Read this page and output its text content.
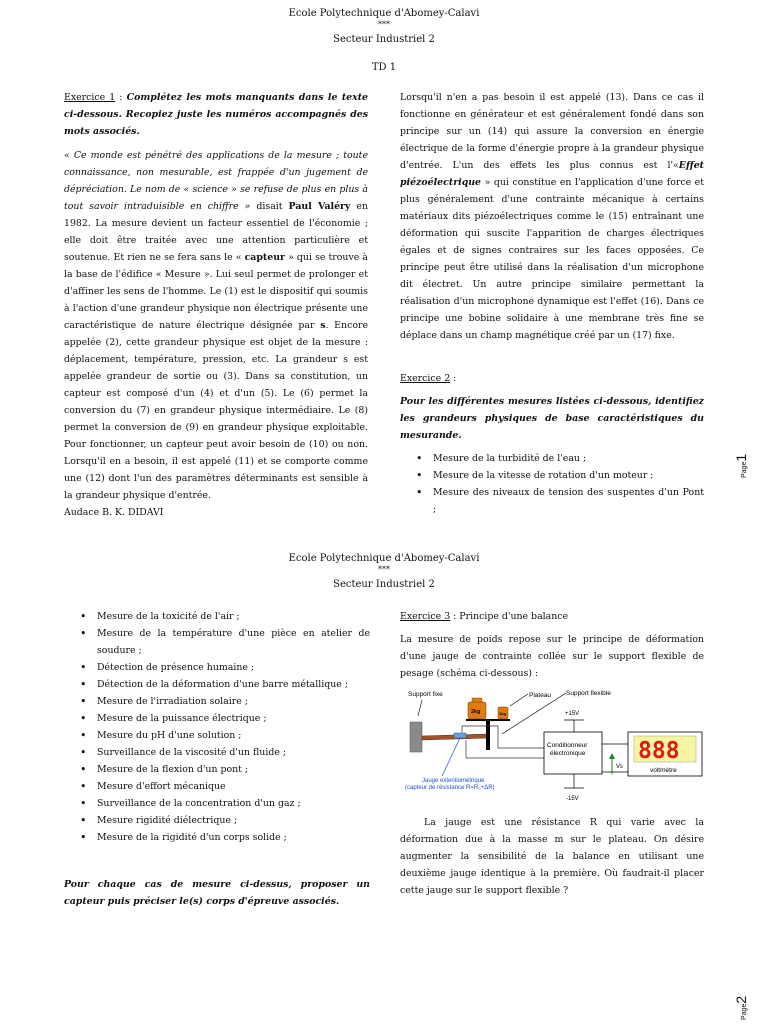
Ecole Polytechnique d'Abomey-Calavi
***
Secteur Industriel 2
TD 1

Exercice 1 : Complétez les mots manquants dans le texte ci-dessous. Recopiez juste les numéros accompagnés des mots associés.

« Ce monde est pénétré des applications de la mesure ; toute connaissance, non mesurable, est frappée d'un jugement de dépréciation. Le nom de « science » se refuse de plus en plus à tout savoir intraduisible en chiffre » disait Paul Valéry en 1982. La mesure devient un facteur essentiel de l'économie ; elle doit être traitée avec une attention particulière et soutenue. Et rien ne se fera sans le « capteur » qui se trouve à la base de l'édifice « Mesure ». Lui seul permet de prolonger et d'affiner les sens de l'homme. Le (1) est le dispositif qui soumis à l'action d'une grandeur physique non électrique présente une caractéristique de nature électrique désignée par s. Encore appelée (2), cette grandeur physique est objet de la mesure : déplacement, température, pression, etc. La grandeur s est appelée grandeur de sortie ou (3). Dans sa constitution, un capteur est composé d'un (4) et d'un (5). Le (6) permet la conversion du (7) en grandeur physique intermédiaire. Le (8) permet la conversion de (9) en grandeur physique exploitable. Pour fonctionner, un capteur peut avoir besoin de (10) ou non. Lorsqu'il en a besoin, il est appelé (11) et se comporte comme une (12) dont l'un des paramètres déterminants est sensible à la grandeur physique d'entrée.

Audace B. K. DIDAVI

Lorsqu'il n'en a pas besoin il est appelé (13). Dans ce cas il fonctionne en générateur et est généralement fondé dans son principe sur un (14) qui assure la conversion en énergie électrique de la forme d'énergie propre à la grandeur physique d'entrée. L'un des effets les plus connus est l'«Effet piézoélectrique » qui constitue en l'application d'une force et plus généralement d'une contrainte mécanique à certains matériaux dits piézoélectriques comme le (15) entraînant une déformation qui suscite l'apparition de charges électriques égales et de signes contraires sur les faces opposées. Ce principe peut être utilisé dans la réalisation d'un microphone dit électret. Un autre principe similaire permettant la réalisation d'un microphone dynamique est l'effet (16). Dans ce principe une bobine solidaire à une membrane très fine se déplace dans un champ magnétique créé par un (17) fixe.

Exercice 2 :

Pour les différentes mesures listées ci-dessous, identifiez les grandeurs physiques de base caractéristiques du mesurande.

• Mesure de la turbidité de l'eau ;
• Mesure de la vitesse de rotation d'un moteur ;
• Mesure des niveaux de tension des suspentes d'un Pont ;
Page1
Ecole Polytechnique d'Abomey-Calavi
***
Secteur Industriel 2
• Mesure de la toxicité de l'air ;
• Mesure de la température d'une pièce en atelier de soudure ;
• Détection de présence humaine ;
• Détection de la déformation d'une barre métallique ;
• Mesure de l'irradiation solaire ;
• Mesure de la puissance électrique ;
• Mesure du pH d'une solution ;
• Surveillance de la viscosité d'un fluide ;
• Mesure de la flexion d'un pont ;
• Mesure d'effort mécanique
• Surveillance de la concentration d'un gaz ;
• Mesure rigidité diélectrique ;
• Mesure de la rigidité d'un corps solide ;

Pour chaque cas de mesure ci-dessus, proposer un capteur puis préciser le(s) corps d'épreuve associés.

Exercice 3 : Principe d'une balance

La mesure de poids repose sur le principe de déformation d'une jauge de contrainte collée sur le support flexible de pesage (schéma ci-dessous) :

Support fixe	Plateau Support flexible
2kg	1kg	+15V
-15V
Conditionneur
électronique
Vs
888
voltmètre
Jauge extentiométrique
(capteur de résistance R=R₀+ΔR)
La jauge est une résistance R qui varie avec la déformation due à la masse m sur le plateau. On désire augmenter la sensibilité de la balance en utilisant une deuxième jauge identique à la première. Où faudrait-il placer cette jauge sur le support flexible ?
Page2
